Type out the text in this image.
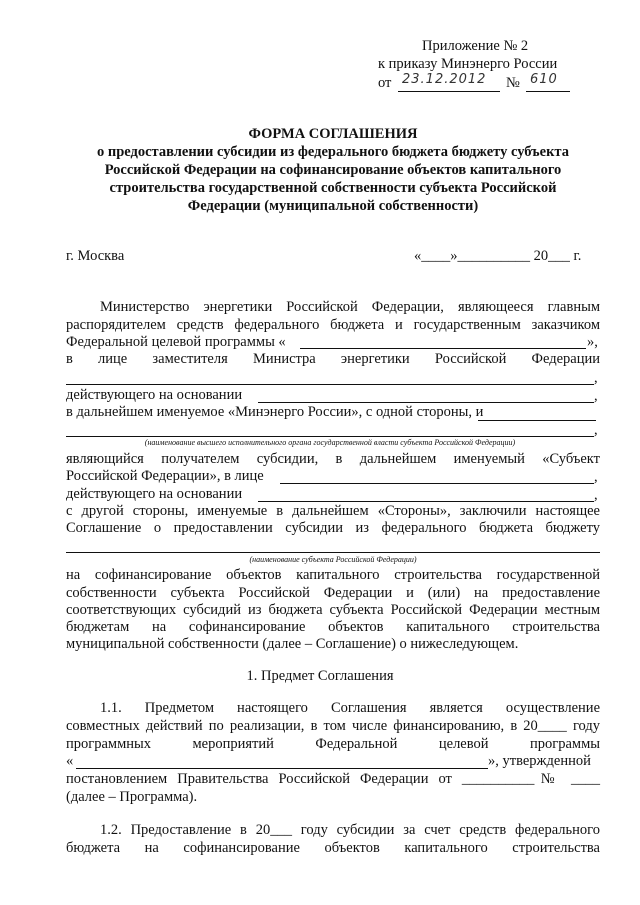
Приложение № 2
к приказу Минэнерго России
от 23.12.2012 № 610
ФОРМА СОГЛАШЕНИЯ
о предоставлении субсидии из федерального бюджета бюджету субъекта
Российской Федерации на софинансирование объектов капитального
строительства государственной собственности субъекта Российской
Федерации (муниципальной собственности)
г. Москва	«____»__________ 20___ г.
Министерство энергетики Российской Федерации, являющееся главным
распорядителем средств федерального бюджета и государственным заказчиком
Федеральной целевой программы «	»,
в лице заместителя Министра энергетики Российской Федерации
,
действующего на основании	,
в дальнейшем именуемое «Минэнерго России», с одной стороны, и
,
(наименование высшего исполнительного органа государственной власти субъекта Российской Федерации)
являющийся получателем субсидии, в дальнейшем именуемый «Субъект
Российской Федерации», в лице	,
действующего на основании	,
с другой стороны, именуемые в дальнейшем «Стороны», заключили настоящее
Соглашение о предоставлении субсидии из федерального бюджета бюджету
(наименование субъекта Российской Федерации)
на софинансирование объектов капитального строительства государственной
собственности субъекта Российской Федерации и (или) на предоставление
соответствующих субсидий из бюджета субъекта Российской Федерации местным
бюджетам на софинансирование объектов капитального строительства
муниципальной собственности (далее – Соглашение) о нижеследующем.
1. Предмет Соглашения
1.1. Предметом настоящего Соглашения является осуществление
совместных действий по реализации, в том числе финансированию, в 20____ году
программных мероприятий Федеральной целевой программы
«	», утвержденной
постановлением Правительства Российской Федерации от __________№ ____
(далее – Программа).
1.2. Предоставление в 20___ году субсидии за счет средств федерального
бюджета на софинансирование объектов капитального строительства
